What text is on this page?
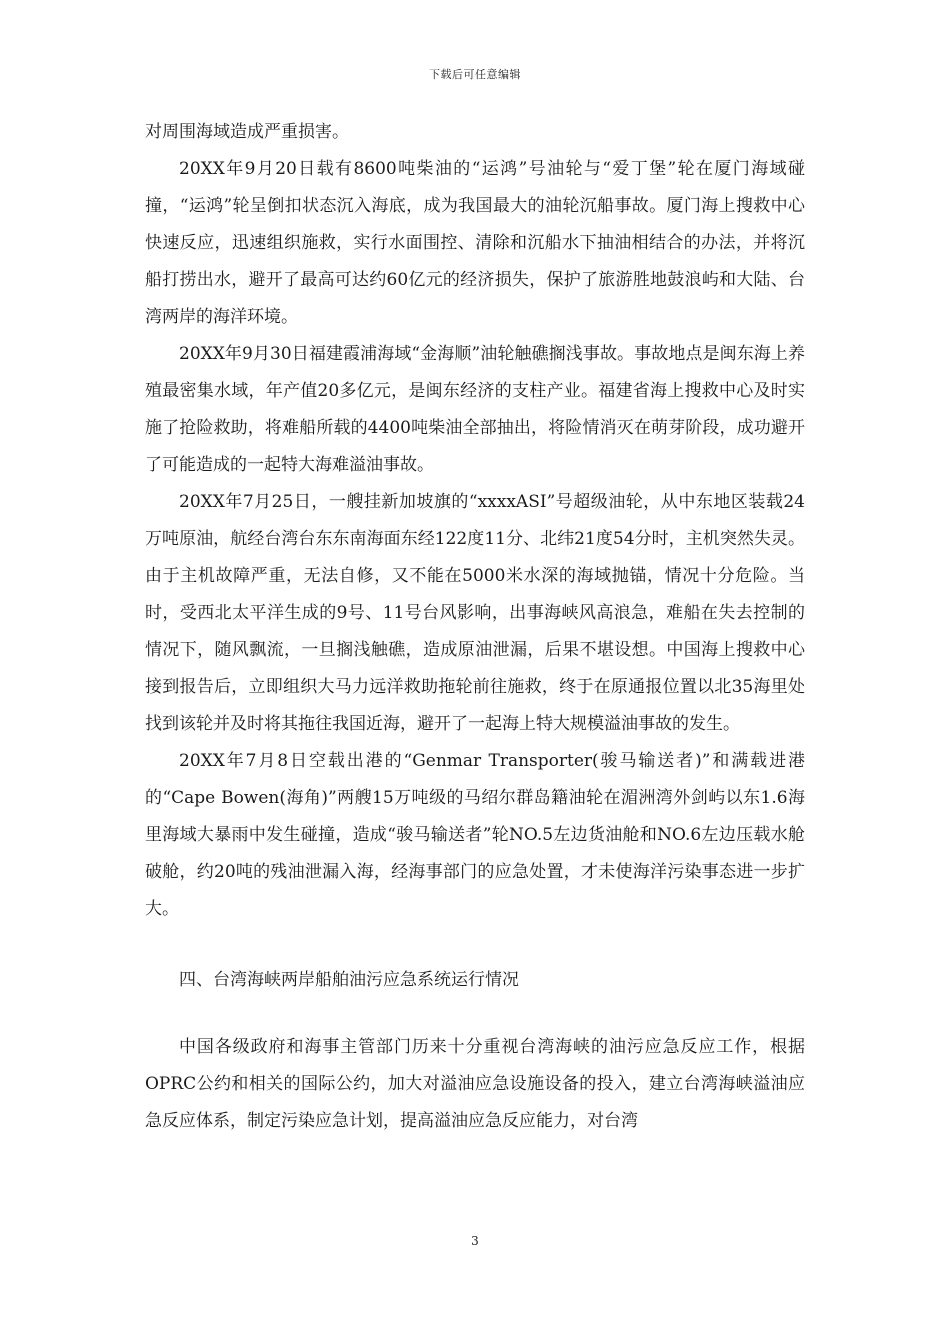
下载后可任意编辑

对周围海域造成严重损害。

20XX年9月20日载有8600吨柴油的“运鸿”号油轮与“爱丁堡”轮在厦门海域碰撞，“运鸿”轮呈倒扣状态沉入海底，成为我国最大的油轮沉船事故。厦门海上搜救中心快速反应，迅速组织施救，实行水面围控、清除和沉船水下抽油相结合的办法，并将沉船打捞出水，避开了最高可达约60亿元的经济损失，保护了旅游胜地鼓浪屿和大陆、台湾两岸的海洋环境。

20XX年9月30日福建霞浦海域“金海顺”油轮触礁搁浅事故。事故地点是闽东海上养殖最密集水域，年产值20多亿元，是闽东经济的支柱产业。福建省海上搜救中心及时实施了抢险救助，将难船所载的4400吨柴油全部抽出，将险情消灭在萌芽阶段，成功避开了可能造成的一起特大海难溢油事故。

20XX年7月25日，一艘挂新加坡旗的“xxxxASI”号超级油轮，从中东地区装载24万吨原油，航经台湾台东东南海面东经122度11分、北纬21度54分时，主机突然失灵。由于主机故障严重，无法自修，又不能在5000米水深的海域抛锚，情况十分危险。当时，受西北太平洋生成的9号、11号台风影响，出事海峡风高浪急，难船在失去控制的情况下，随风飘流，一旦搁浅触礁，造成原油泄漏，后果不堪设想。中国海上搜救中心接到报告后，立即组织大马力远洋救助拖轮前往施救，终于在原通报位置以北35海里处找到该轮并及时将其拖往我国近海，避开了一起海上特大规模溢油事故的发生。

20XX年7月8日空载出港的“Genmar Transporter(骏马输送者)”和满载进港的“Cape Bowen(海角)”两艘15万吨级的马绍尔群岛籍油轮在湄洲湾外剑屿以东1.6海里海域大暴雨中发生碰撞，造成“骏马输送者”轮NO.5左边货油舱和NO.6左边压载水舱破舱，约20吨的残油泄漏入海，经海事部门的应急处置，才未使海洋污染事态进一步扩大。

四、台湾海峡两岸船舶油污应急系统运行情况

中国各级政府和海事主管部门历来十分重视台湾海峡的油污应急反应工作，根据OPRC公约和相关的国际公约，加大对溢油应急设施设备的投入，建立台湾海峡溢油应急反应体系，制定污染应急计划，提高溢油应急反应能力，对台湾

3
